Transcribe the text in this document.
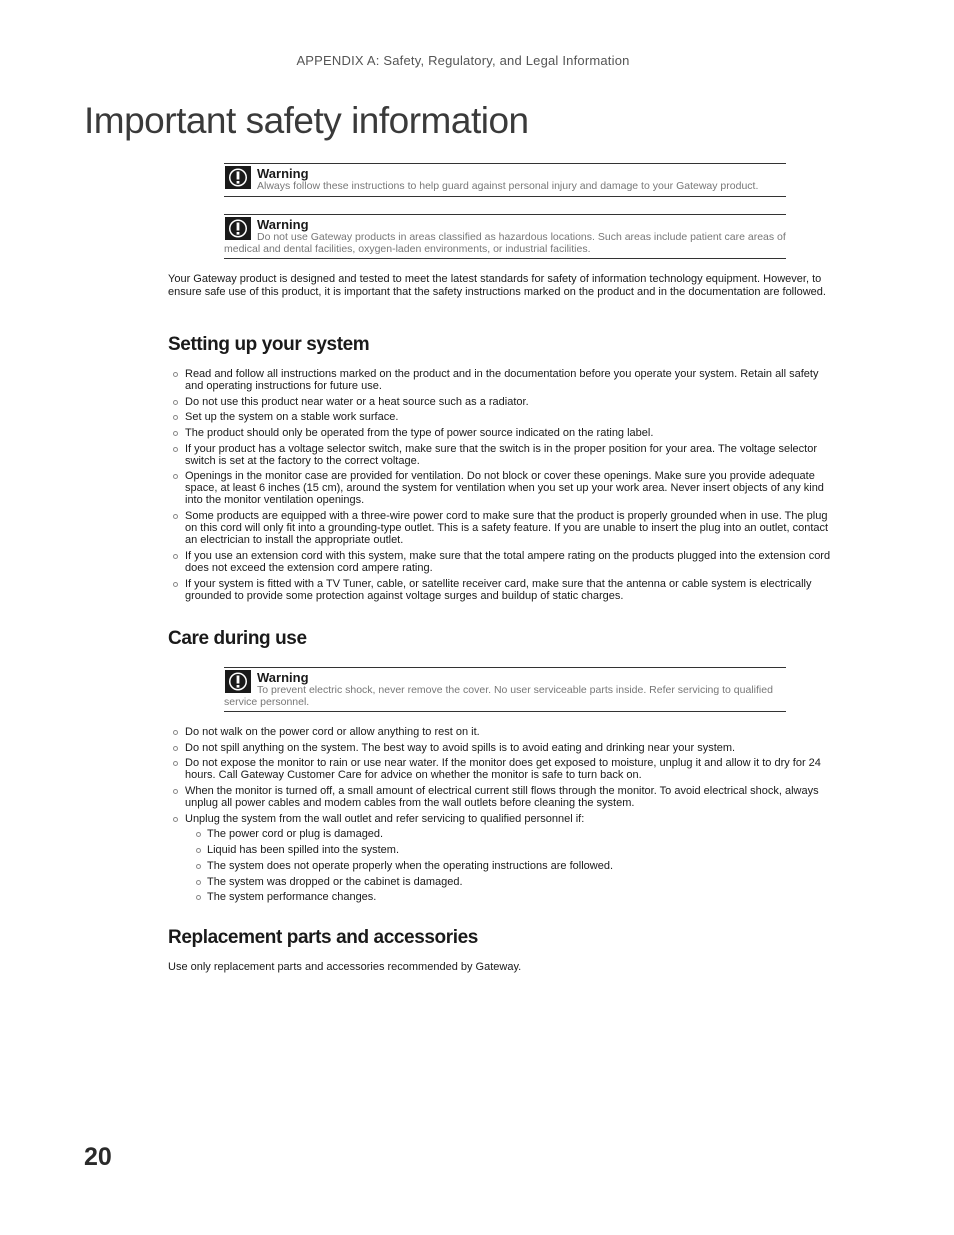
APPENDIX A: Safety, Regulatory, and Legal Information
Important safety information
Warning
Always follow these instructions to help guard against personal injury and damage to your Gateway product.
Warning
Do not use Gateway products in areas classified as hazardous locations. Such areas include patient care areas of medical and dental facilities, oxygen-laden environments, or industrial facilities.

Your Gateway product is designed and tested to meet the latest standards for safety of information technology equipment. However, to ensure safe use of this product, it is important that the safety instructions marked on the product and in the documentation are followed.

Setting up your system
Read and follow all instructions marked on the product and in the documentation before you operate your system. Retain all safety and operating instructions for future use.
Do not use this product near water or a heat source such as a radiator.
Set up the system on a stable work surface.
The product should only be operated from the type of power source indicated on the rating label.
If your product has a voltage selector switch, make sure that the switch is in the proper position for your area. The voltage selector switch is set at the factory to the correct voltage.
Openings in the monitor case are provided for ventilation. Do not block or cover these openings. Make sure you provide adequate space, at least 6 inches (15 cm), around the system for ventilation when you set up your work area. Never insert objects of any kind into the monitor ventilation openings.
Some products are equipped with a three-wire power cord to make sure that the product is properly grounded when in use. The plug on this cord will only fit into a grounding-type outlet. This is a safety feature. If you are unable to insert the plug into an outlet, contact an electrician to install the appropriate outlet.
If you use an extension cord with this system, make sure that the total ampere rating on the products plugged into the extension cord does not exceed the extension cord ampere rating.
If your system is fitted with a TV Tuner, cable, or satellite receiver card, make sure that the antenna or cable system is electrically grounded to provide some protection against voltage surges and buildup of static charges.
Care during use
Warning
To prevent electric shock, never remove the cover. No user serviceable parts inside. Refer servicing to qualified service personnel.
Do not walk on the power cord or allow anything to rest on it.
Do not spill anything on the system. The best way to avoid spills is to avoid eating and drinking near your system.
Do not expose the monitor to rain or use near water. If the monitor does get exposed to moisture, unplug it and allow it to dry for 24 hours. Call Gateway Customer Care for advice on whether the monitor is safe to turn back on.
When the monitor is turned off, a small amount of electrical current still flows through the monitor. To avoid electrical shock, always unplug all power cables and modem cables from the wall outlets before cleaning the system.
Unplug the system from the wall outlet and refer servicing to qualified personnel if:
The power cord or plug is damaged.
Liquid has been spilled into the system.
The system does not operate properly when the operating instructions are followed.
The system was dropped or the cabinet is damaged.
The system performance changes.
Replacement parts and accessories

Use only replacement parts and accessories recommended by Gateway.

20
